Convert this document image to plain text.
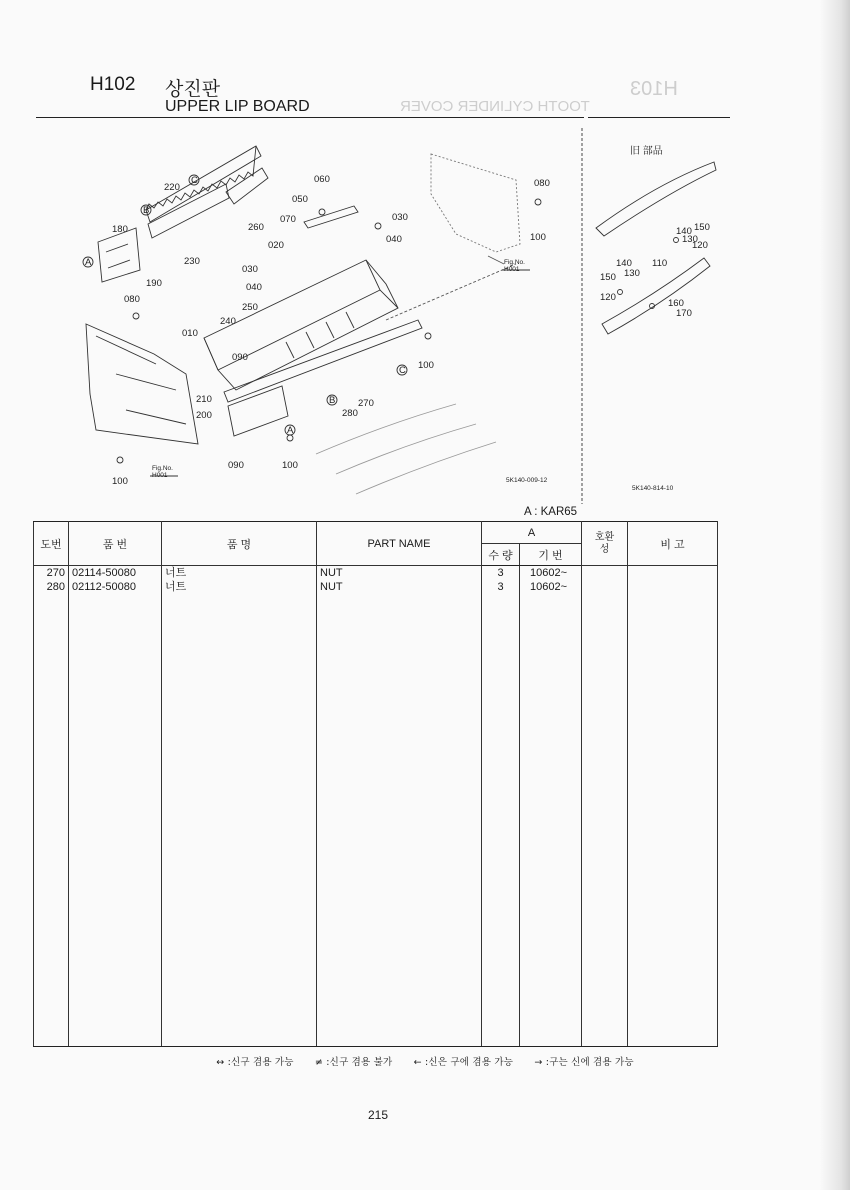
H103
TOOTH CYLINDER COVER
H102 상진판
UPPER LIP BOARD
A
B
C
A
B
C
060
050
070	030
040
020
080
100
220
260
180
230
190
030
040
250
080
010
240
210
200
090	100
280
270
100
090
140
130
150
120
110
150
140
130
120
160
170
100
旧 部品
Fig.No.
H001
Fig.No.
H001
5K140-009-12
5K140-814-10
A : KAR65
도번	품 번	품 명	PART NAME	A		호환성	비 고
				수 량	기 번		
270	02114-50080	너트	NUT	3	10602~		
280	02112-50080	너트	NUT	3	10602~		

↔ :신구 겸용 가능 ≠ :신구 겸용 불가 ← :신은 구에 겸용 가능 → :구는 신에 겸용 가능
215
